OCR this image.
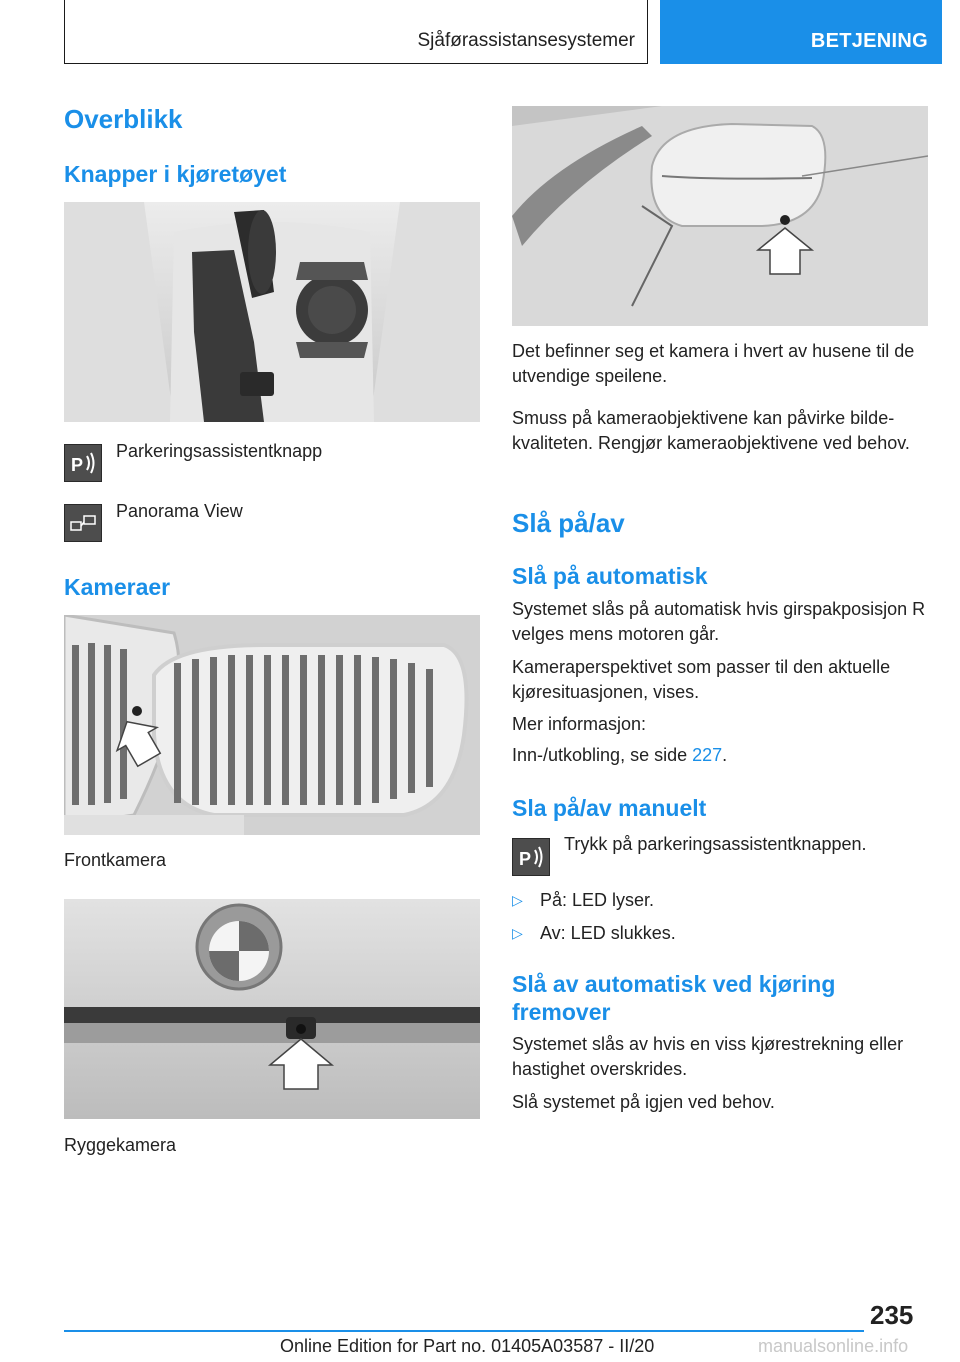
Sjåførassistansesystemer	BETJENING
Overblikk
Knapper i kjøretøyet
P

Parkeringsassistentknapp

Panorama View

Kameraer

Frontkamera

Ryggekamera

Det befinner seg et kamera i hvert av husene til de utvendige speilene.

Smuss på kameraobjektivene kan påvirke bildekvaliteten. Rengjør kameraobjektivene ved behov.

Slå på/av
Slå på automatisk

Systemet slås på automatisk hvis girspakposisjon R velges mens motoren går.

Kameraperspektivet som passer til den aktuelle kjøresituasjonen, vises.

Mer informasjon:

Inn-/utkobling, se side 227.

Sla på/av manuelt
P

Trykk på parkeringsassistentknappen.

▷ På: LED lyser.

▷ Av: LED slukkes.

Slå av automatisk ved kjøring
fremover

Systemet slås av hvis en viss kjørestrekning eller hastighet overskrides.

Slå systemet på igjen ved behov.

235
Online Edition for Part no. 01405A03587 - II/20	manualsonline.info
